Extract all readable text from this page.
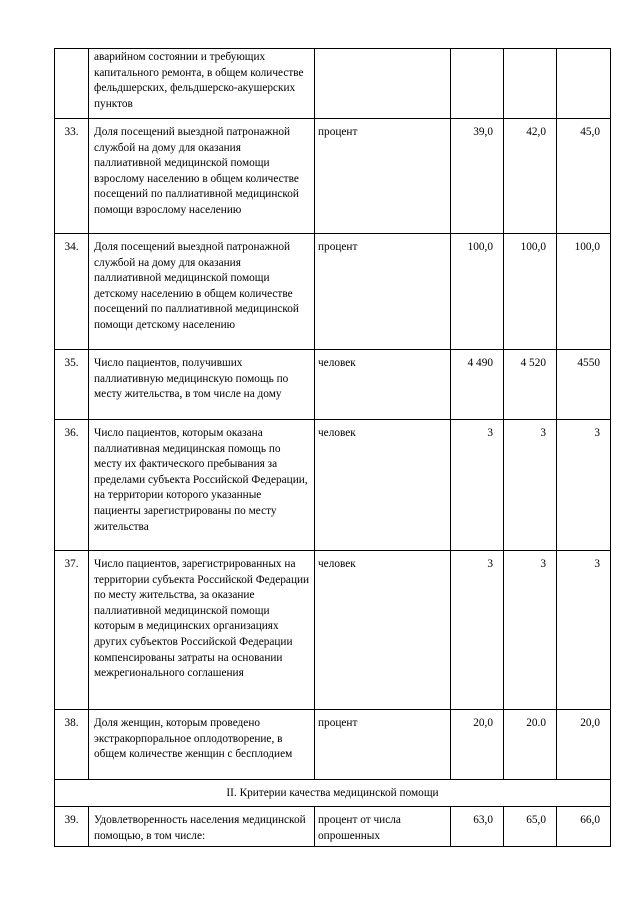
	аварийном состоянии и требующих капитального ремонта, в общем количестве фельдшерских, фельдшерско-акушерских пунктов				
33.	Доля посещений выездной патронажной службой на дому для оказания паллиативной медицинской помощи взрослому населению в общем количестве посещений по паллиативной медицинской помощи взрослому населению	процент	39,0	42,0	45,0
34.	Доля посещений выездной патронажной службой на дому для оказания паллиативной медицинской помощи детскому населению в общем количестве посещений по паллиативной медицинской помощи детскому населению	процент	100,0	100,0	100,0
35.	Число пациентов, получивших паллиативную медицинскую помощь по месту жительства, в том числе на дому	человек	4 490	4 520	4550
36.	Число пациентов, которым оказана паллиативная медицинская помощь по месту их фактического пребывания за пределами субъекта Российской Федерации, на территории которого указанные пациенты зарегистрированы по месту жительства	человек	3	3	3
37.	Число пациентов, зарегистрированных на территории субъекта Российской Федерации по месту жительства, за оказание паллиативной медицинской помощи которым в медицинских организациях других субъектов Российской Федерации компенсированы затраты на основании межрегионального соглашения	человек	3	3	3
38.	Доля женщин, которым проведено экстракорпоральное оплодотворение, в общем количестве женщин с бесплодием	процент	20,0	20.0	20,0
II. Критерии качества медицинской помощи					
39.	Удовлетворенность населения медицинской помощью, в том числе:	процент от числа опрошенных	63,0	65,0	66,0
